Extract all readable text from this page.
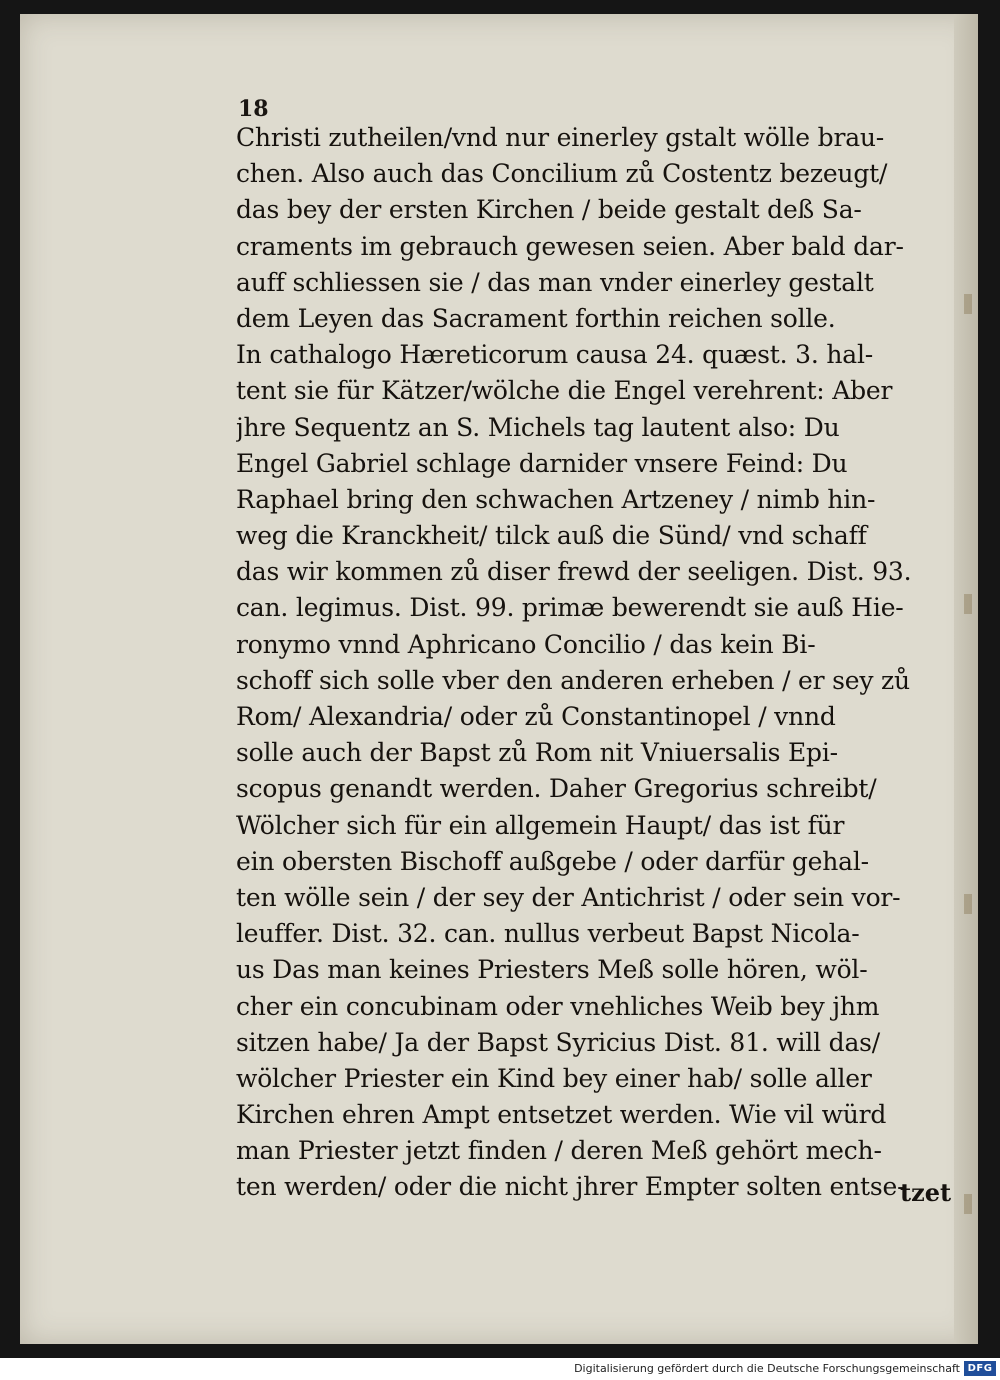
18
Christi zutheilen/vnd nur einerley gstalt wölle brau-
chen. Also auch das Concilium zů Costentz bezeugt/
das bey der ersten Kirchen / beide gestalt deß Sa-
craments im gebrauch gewesen seien. Aber bald dar-
auff schliessen sie / das man vnder einerley gestalt
dem Leyen das Sacrament forthin reichen solle.
In cathalogo Hæreticorum causa 24. quæst. 3. hal-
tent sie für Kätzer/wölche die Engel verehrent: Aber
jhre Sequentz an S. Michels tag lautent also: Du
Engel Gabriel schlage darnider vnsere Feind: Du
Raphael bring den schwachen Artzeney / nimb hin-
weg die Kranckheit/ tilck auß die Sünd/ vnd schaff
das wir kommen zů diser frewd der seeligen. Dist. 93.
can. legimus. Dist. 99. primæ bewerendt sie auß Hie-
ronymo vnnd Aphricano Concilio / das kein Bi-
schoff sich solle vber den anderen erheben / er sey zů
Rom/ Alexandria/ oder zů Constantinopel / vnnd
solle auch der Bapst zů Rom nit Vniuersalis Epi-
scopus genandt werden. Daher Gregorius schreibt/
Wölcher sich für ein allgemein Haupt/ das ist für
ein obersten Bischoff außgebe / oder darfür gehal-
ten wölle sein / der sey der Antichrist / oder sein vor-
leuffer. Dist. 32. can. nullus verbeut Bapst Nicola-
us Das man keines Priesters Meß solle hören, wöl-
cher ein concubinam oder vnehliches Weib bey jhm
sitzen habe/ Ja der Bapst Syricius Dist. 81. will das/
wölcher Priester ein Kind bey einer hab/ solle aller
Kirchen ehren Ampt entsetzet werden. Wie vil würd
man Priester jetzt finden / deren Meß gehört mech-
ten werden/ oder die nicht jhrer Empter solten entse-
tzet
Digitalisierung gefördert durch die Deutsche Forschungsgemeinschaft DFG
